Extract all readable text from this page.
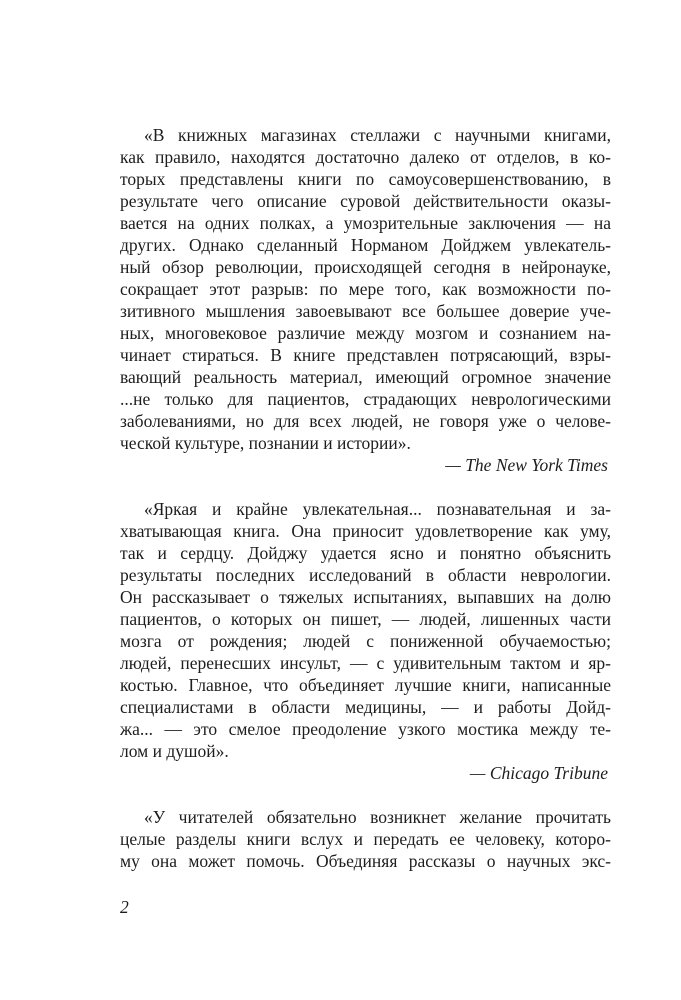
«В книжных магазинах стеллажи с научными книгами,
как правило, находятся достаточно далеко от отделов, в ко-
торых представлены книги по самоусовершенствованию, в
результате чего описание суровой действительности оказы-
вается на одних полках, а умозрительные заключения — на
других. Однако сделанный Норманом Дойджем увлекатель-
ный обзор революции, происходящей сегодня в нейронауке,
сокращает этот разрыв: по мере того, как возможности по-
зитивного мышления завоевывают все большее доверие уче-
ных, многовековое различие между мозгом и сознанием на-
чинает стираться. В книге представлен потрясающий, взры-
вающий реальность материал, имеющий огромное значение
...не только для пациентов, страдающих неврологическими
заболеваниями, но для всех людей, не говоря уже о челове-
ческой культуре, познании и истории».
— The New York Times
«Яркая и крайне увлекательная... познавательная и за-
хватывающая книга. Она приносит удовлетворение как уму,
так и сердцу. Дойджу удается ясно и понятно объяснить
результаты последних исследований в области неврологии.
Он рассказывает о тяжелых испытаниях, выпавших на долю
пациентов, о которых он пишет, — людей, лишенных части
мозга от рождения; людей с пониженной обучаемостью;
людей, перенесших инсульт, — с удивительным тактом и яр-
костью. Главное, что объединяет лучшие книги, написанные
специалистами в области медицины, — и работы Дойд-
жа... — это смелое преодоление узкого мостика между те-
лом и душой».
— Chicago Tribune
«У читателей обязательно возникнет желание прочитать
целые разделы книги вслух и передать ее человеку, которо-
му она может помочь. Объединяя рассказы о научных экс-
2
